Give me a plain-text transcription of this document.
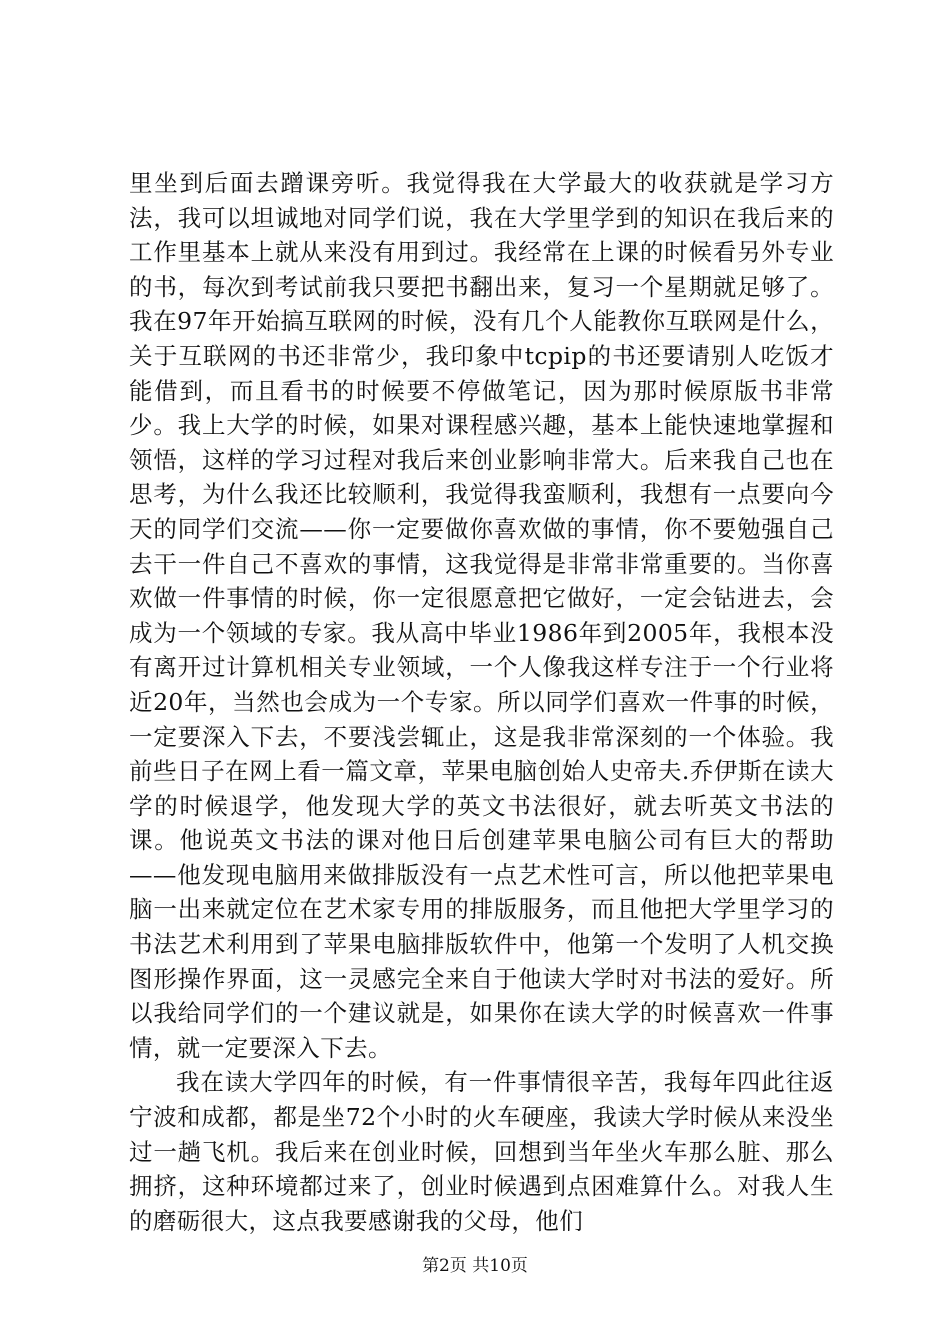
里坐到后面去蹭课旁听。我觉得我在大学最大的收获就是学习方法，我可以坦诚地对同学们说，我在大学里学到的知识在我后来的工作里基本上就从来没有用到过。我经常在上课的时候看另外专业的书，每次到考试前我只要把书翻出来，复习一个星期就足够了。我在97年开始搞互联网的时候，没有几个人能教你互联网是什么，关于互联网的书还非常少，我印象中tcpip的书还要请别人吃饭才能借到，而且看书的时候要不停做笔记，因为那时候原版书非常少。我上大学的时候，如果对课程感兴趣，基本上能快速地掌握和领悟，这样的学习过程对我后来创业影响非常大。后来我自己也在思考，为什么我还比较顺利，我觉得我蛮顺利，我想有一点要向今天的同学们交流——你一定要做你喜欢做的事情，你不要勉强自己去干一件自己不喜欢的事情，这我觉得是非常非常重要的。当你喜欢做一件事情的时候，你一定很愿意把它做好，一定会钻进去，会成为一个领域的专家。我从高中毕业1986年到2005年，我根本没有离开过计算机相关专业领域，一个人像我这样专注于一个行业将近20年，当然也会成为一个专家。所以同学们喜欢一件事的时候，一定要深入下去，不要浅尝辄止，这是我非常深刻的一个体验。我前些日子在网上看一篇文章，苹果电脑创始人史帝夫.乔伊斯在读大学的时候退学，他发现大学的英文书法很好，就去听英文书法的课。他说英文书法的课对他日后创建苹果电脑公司有巨大的帮助——他发现电脑用来做排版没有一点艺术性可言，所以他把苹果电脑一出来就定位在艺术家专用的排版服务，而且他把大学里学习的书法艺术利用到了苹果电脑排版软件中，他第一个发明了人机交换图形操作界面，这一灵感完全来自于他读大学时对书法的爱好。所以我给同学们的一个建议就是，如果你在读大学的时候喜欢一件事情，就一定要深入下去。

我在读大学四年的时候，有一件事情很辛苦，我每年四此往返宁波和成都，都是坐72个小时的火车硬座，我读大学时候从来没坐过一趟飞机。我后来在创业时候，回想到当年坐火车那么脏、那么拥挤，这种环境都过来了，创业时候遇到点困难算什么。对我人生的磨砺很大，这点我要感谢我的父母，他们

第2页 共10页
